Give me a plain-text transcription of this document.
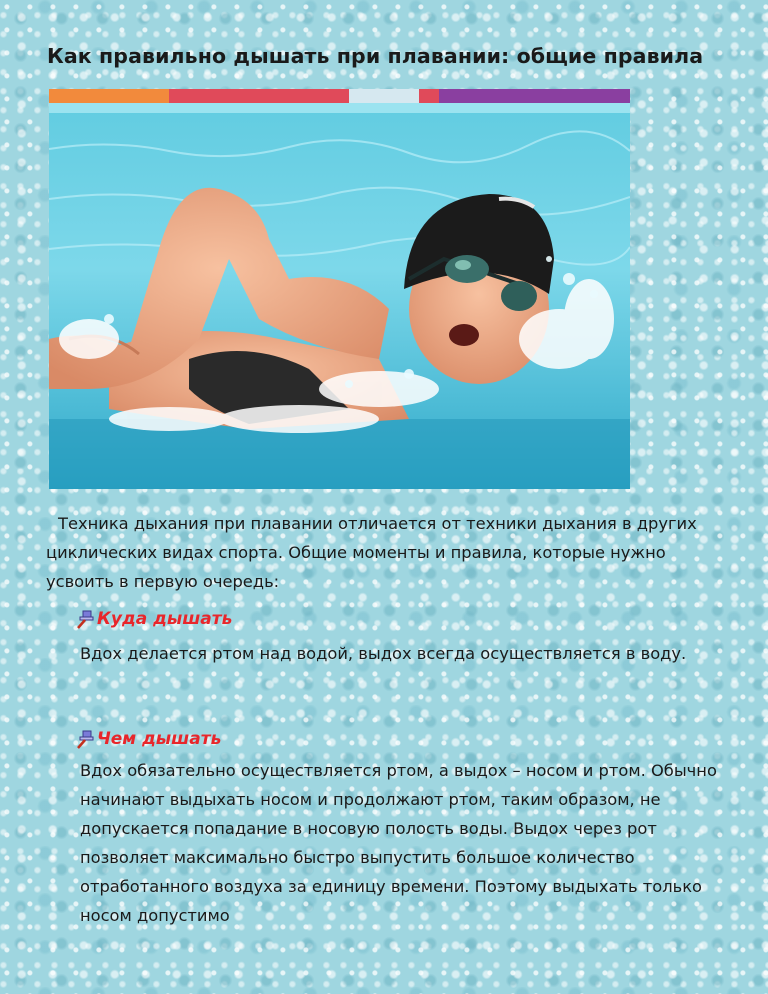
Как правильно дышать при плавании: общие правила
Техника дыхания при плавании отличается от техники дыхания в других циклических видах спорта. Общие моменты и правила, которые нужно усвоить в первую очередь:
Куда дышать
Вдох делается ртом над водой, выдох всегда осуществляется в воду.
Чем дышать
Вдох обязательно осуществляется ртом, а выдох – носом и ртом. Обычно начинают выдыхать носом и продолжают ртом, таким образом, не допускается попадание в носовую полость воды. Выдох через рот позволяет максимально быстро выпустить большое количество отработанного воздуха за единицу времени. Поэтому выдыхать только носом допустимо
